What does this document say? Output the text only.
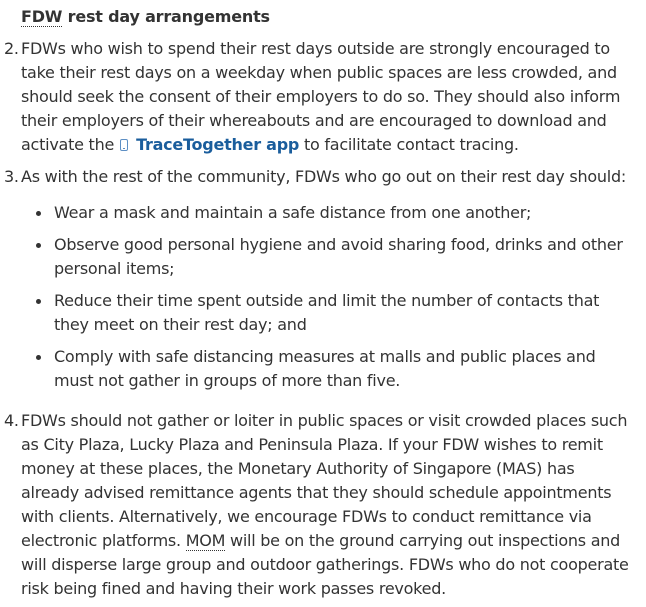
FDW rest day arrangements
2. FDWs who wish to spend their rest days outside are strongly encouraged to take their rest days on a weekday when public spaces are less crowded, and should seek the consent of their employers to do so. They should also inform their employers of their whereabouts and are encouraged to download and activate the TraceTogether app to facilitate contact tracing.
3. As with the rest of the community, FDWs who go out on their rest day should:
Wear a mask and maintain a safe distance from one another;
Observe good personal hygiene and avoid sharing food, drinks and other personal items;
Reduce their time spent outside and limit the number of contacts that they meet on their rest day; and
Comply with safe distancing measures at malls and public places and must not gather in groups of more than five.
4. FDWs should not gather or loiter in public spaces or visit crowded places such as City Plaza, Lucky Plaza and Peninsula Plaza. If your FDW wishes to remit money at these places, the Monetary Authority of Singapore (MAS) has already advised remittance agents that they should schedule appointments with clients. Alternatively, we encourage FDWs to conduct remittance via electronic platforms. MOM will be on the ground carrying out inspections and will disperse large group and outdoor gatherings. FDWs who do not cooperate risk being fined and having their work passes revoked.
